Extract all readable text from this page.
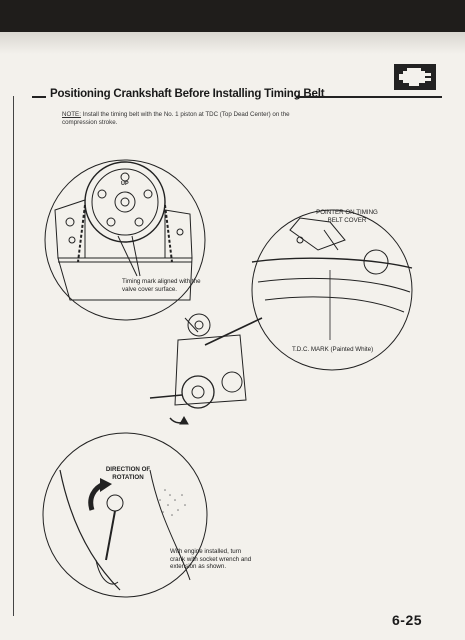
Positioning Crankshaft Before Installing Timing Belt
NOTE: Install the timing belt with the No. 1 piston at TDC (Top Dead Center) on the compression stroke.
UP
Timing mark aligned with the valve cover surface.
POINTER ON TIMING BELT COVER
T.D.C. MARK (Painted White)
DIRECTION OF ROTATION
With engine installed, turn crank with socket wrench and extension as shown.
6-25
